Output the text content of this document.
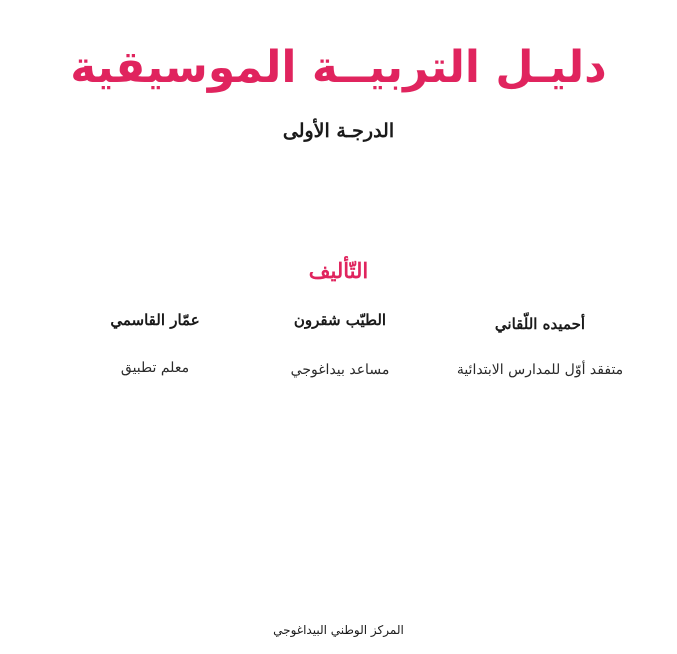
دليـل التربيــة الموسيقية
الدرجـة الأولى
التّأليف
أحميده اللّقاني
متفقد أوّل للمدارس الابتدائية
الطيّب شقرون
مساعد بيداغوجي
عمّار القاسمي
معلم تطبيق
المركز الوطني البيداغوجي
